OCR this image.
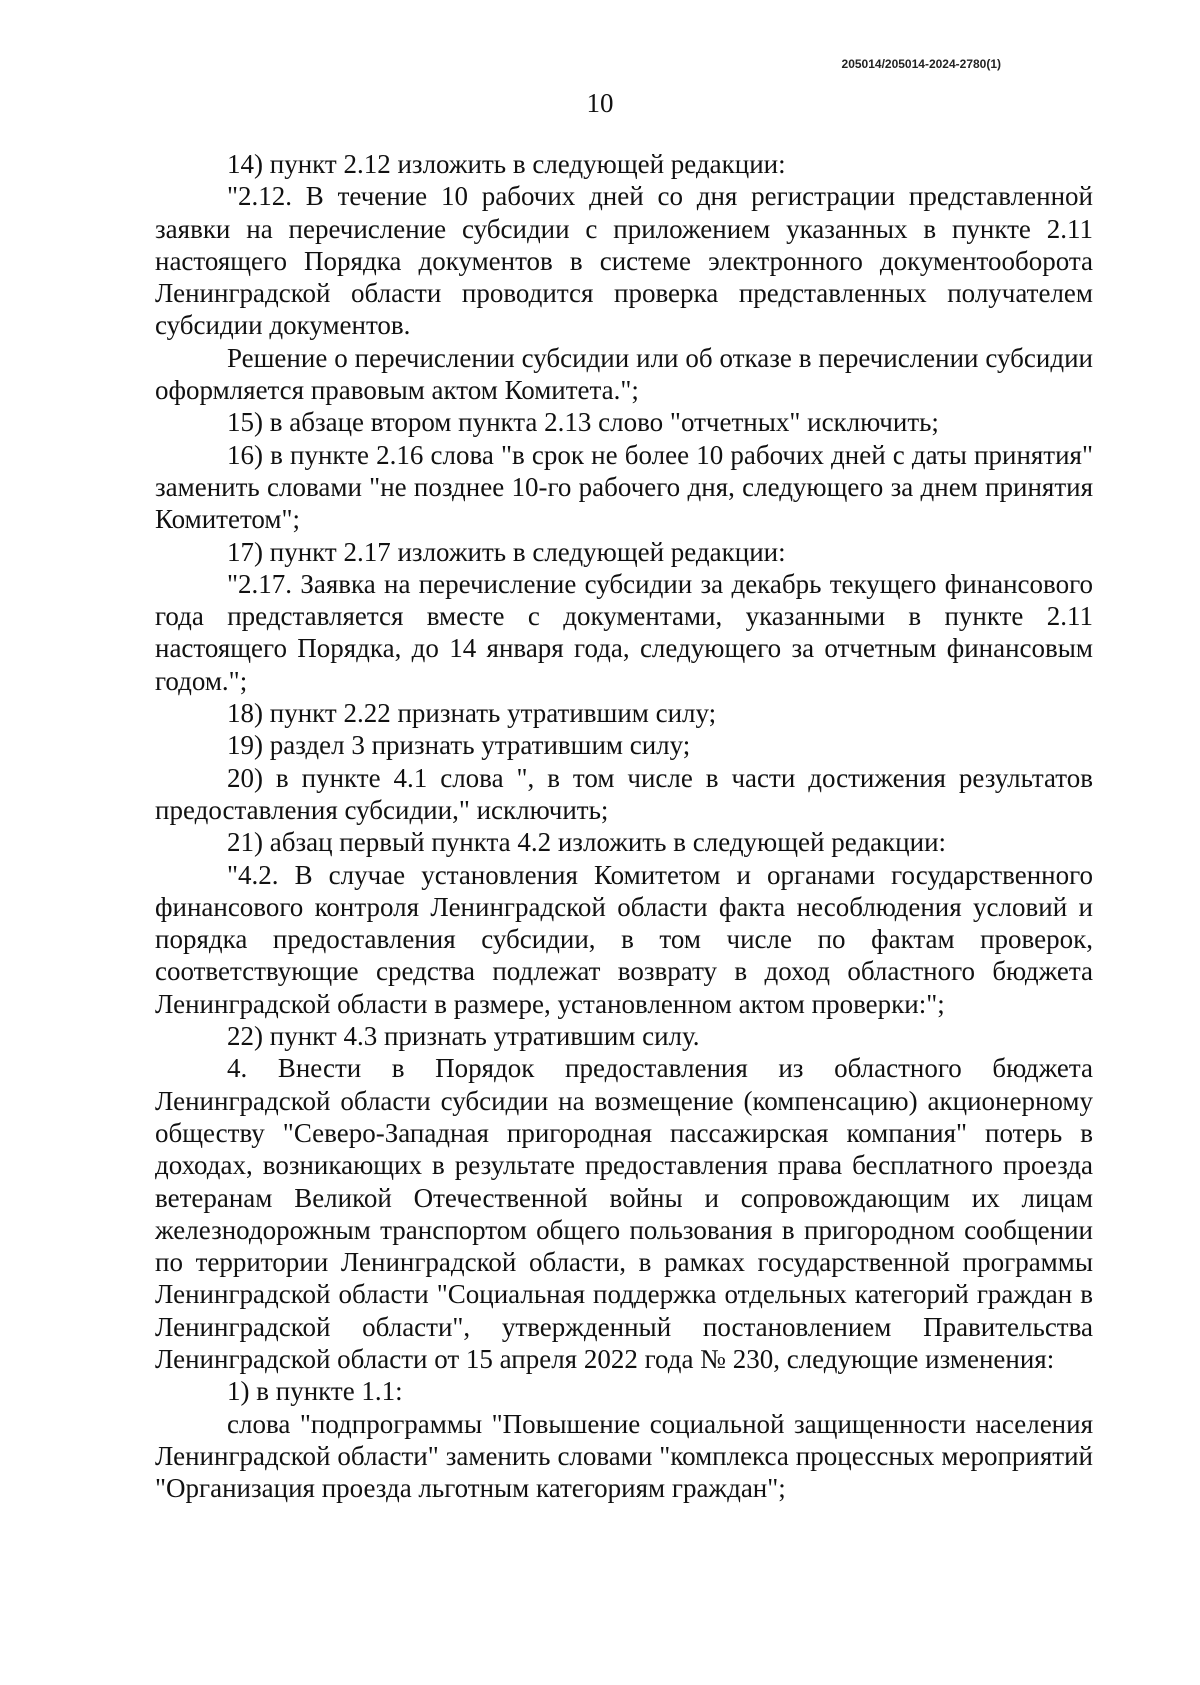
205014/205014-2024-2780(1)
10

14) пункт 2.12 изложить в следующей редакции:

"2.12. В течение 10 рабочих дней со дня регистрации представленной заявки на перечисление субсидии с приложением указанных в пункте 2.11 настоящего Порядка документов в системе электронного документооборота Ленинградской области проводится проверка представленных получателем субсидии документов.

Решение о перечислении субсидии или об отказе в перечислении субсидии оформляется правовым актом Комитета.";

15) в абзаце втором пункта 2.13 слово "отчетных" исключить;

16) в пункте 2.16 слова "в срок не более 10 рабочих дней с даты принятия" заменить словами "не позднее 10-го рабочего дня, следующего за днем принятия Комитетом";

17) пункт 2.17 изложить в следующей редакции:

"2.17. Заявка на перечисление субсидии за декабрь текущего финансового года представляется вместе с документами, указанными в пункте 2.11 настоящего Порядка, до 14 января года, следующего за отчетным финансовым годом.";

18) пункт 2.22 признать утратившим силу;

19) раздел 3 признать утратившим силу;

20) в пункте 4.1 слова ", в том числе в части достижения результатов предоставления субсидии," исключить;

21) абзац первый пункта 4.2 изложить в следующей редакции:

"4.2. В случае установления Комитетом и органами государственного финансового контроля Ленинградской области факта несоблюдения условий и порядка предоставления субсидии, в том числе по фактам проверок, соответствующие средства подлежат возврату в доход областного бюджета Ленинградской области в размере, установленном актом проверки:";

22) пункт 4.3 признать утратившим силу.

4. Внести в Порядок предоставления из областного бюджета Ленинградской области субсидии на возмещение (компенсацию) акционерному обществу "Северо-Западная пригородная пассажирская компания" потерь в доходах, возникающих в результате предоставления права бесплатного проезда ветеранам Великой Отечественной войны и сопровождающим их лицам железнодорожным транспортом общего пользования в пригородном сообщении по территории Ленинградской области, в рамках государственной программы Ленинградской области "Социальная поддержка отдельных категорий граждан в Ленинградской области", утвержденный постановлением Правительства Ленинградской области от 15 апреля 2022 года № 230, следующие изменения:

1) в пункте 1.1:

слова "подпрограммы "Повышение социальной защищенности населения Ленинградской области" заменить словами "комплекса процессных мероприятий "Организация проезда льготным категориям граждан";
